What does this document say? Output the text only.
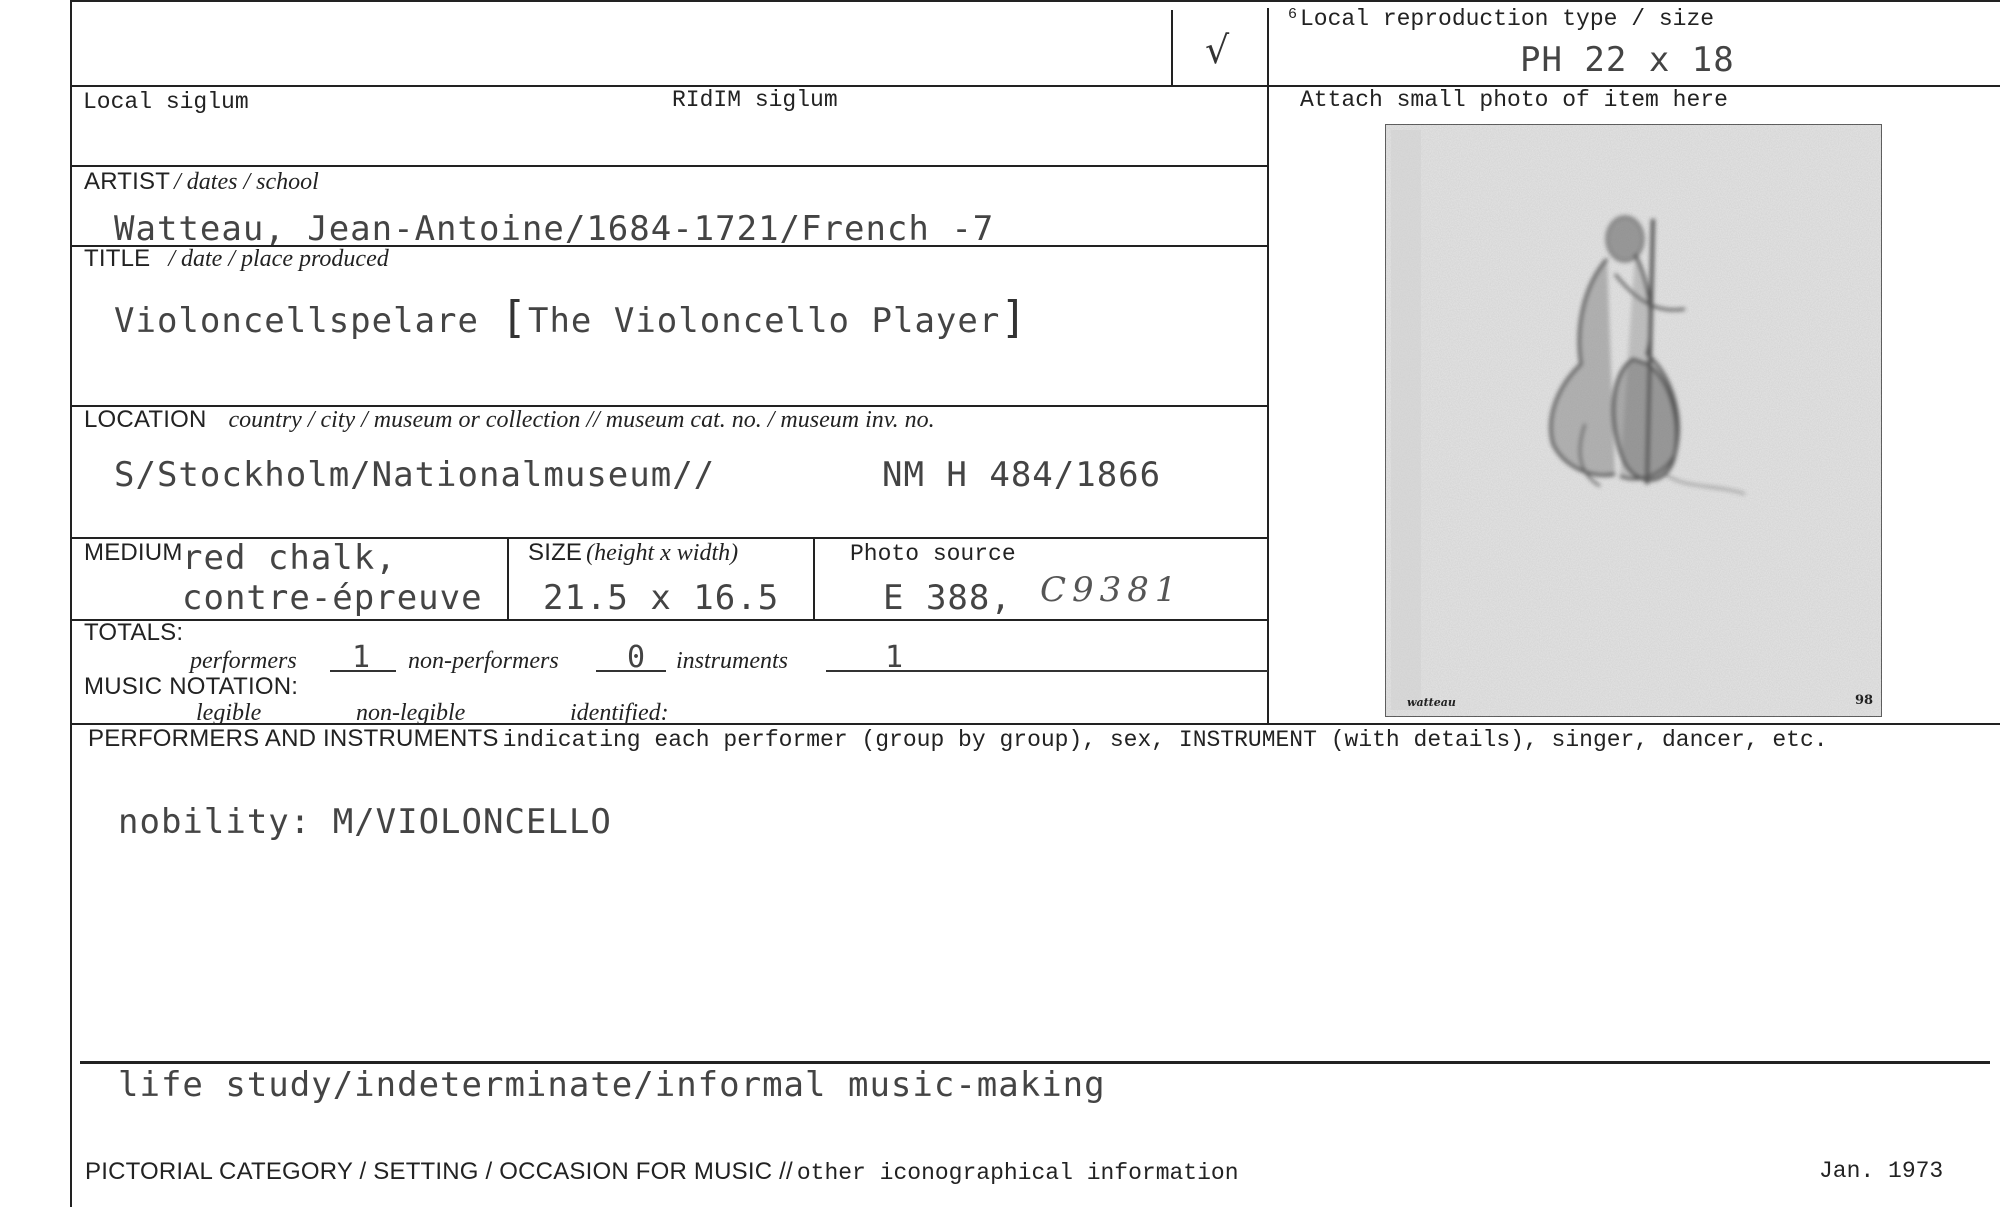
√
6 Local reproduction type / size
PH 22 x 18
Local siglum	RIdIM siglum	Attach small photo of item here
ARTIST / dates / school
Watteau, Jean-Antoine/1684-1721/French -7
TITLE / date / place produced
Violoncellspelare [The Violoncello Player]
LOCATION country / city / museum or collection // museum cat. no. / museum inv. no.
S/Stockholm/Nationalmuseum//	NM H 484/1866
MEDIUM red chalk,
contre-épreuve
SIZE (height x width)
21.5 x 16.5
Photo source
E 388, C9381
TOTALS:
performers 1 non-performers 0 instruments	1
MUSIC NOTATION:
legible	non-legible	identified:	watteau	98
PERFORMERS AND INSTRUMENTS indicating each performer (group by group), sex, INSTRUMENT (with details), singer, dancer, etc.
nobility: M/VIOLONCELLO
life study/indeterminate/informal music-making
PICTORIAL CATEGORY / SETTING / OCCASION FOR MUSIC // other iconographical information	Jan. 1973
